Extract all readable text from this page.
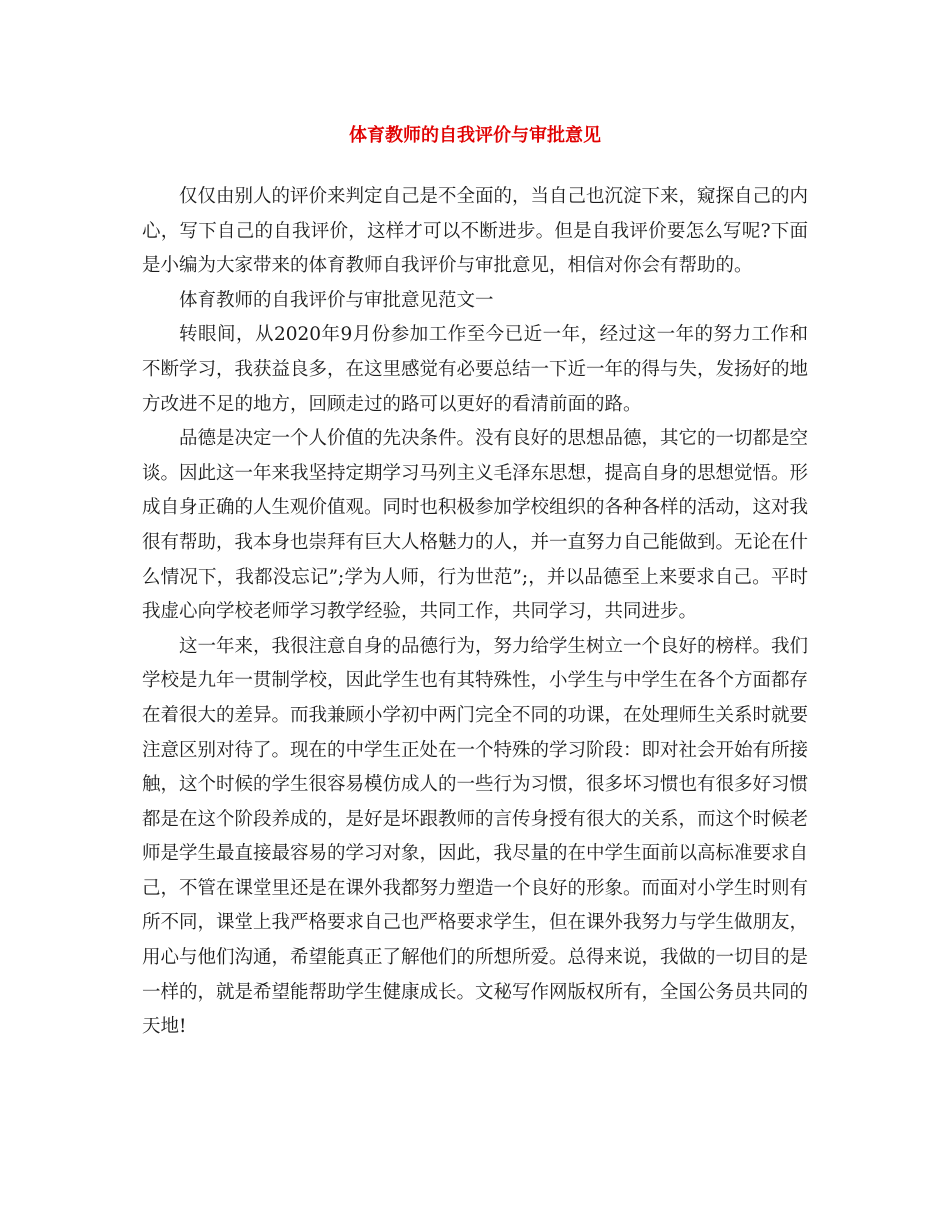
体育教师的自我评价与审批意见

仅仅由别人的评价来判定自己是不全面的，当自己也沉淀下来，窥探自己的内心，写下自己的自我评价，这样才可以不断进步。但是自我评价要怎么写呢?下面是小编为大家带来的体育教师自我评价与审批意见，相信对你会有帮助的。

体育教师的自我评价与审批意见范文一

转眼间，从2020年9月份参加工作至今已近一年，经过这一年的努力工作和不断学习，我获益良多，在这里感觉有必要总结一下近一年的得与失，发扬好的地方改进不足的地方，回顾走过的路可以更好的看清前面的路。

品德是决定一个人价值的先决条件。没有良好的思想品德，其它的一切都是空谈。因此这一年来我坚持定期学习马列主义毛泽东思想，提高自身的思想觉悟。形成自身正确的人生观价值观。同时也积极参加学校组织的各种各样的活动，这对我很有帮助，我本身也崇拜有巨大人格魅力的人，并一直努力自己能做到。无论在什么情况下，我都没忘记”;学为人师，行为世范”;，并以品德至上来要求自己。平时我虚心向学校老师学习教学经验，共同工作，共同学习，共同进步。

这一年来，我很注意自身的品德行为，努力给学生树立一个良好的榜样。我们学校是九年一贯制学校，因此学生也有其特殊性，小学生与中学生在各个方面都存在着很大的差异。而我兼顾小学初中两门完全不同的功课，在处理师生关系时就要注意区别对待了。现在的中学生正处在一个特殊的学习阶段：即对社会开始有所接触，这个时候的学生很容易模仿成人的一些行为习惯，很多坏习惯也有很多好习惯都是在这个阶段养成的，是好是坏跟教师的言传身授有很大的关系，而这个时候老师是学生最直接最容易的学习对象，因此，我尽量的在中学生面前以高标准要求自己，不管在课堂里还是在课外我都努力塑造一个良好的形象。而面对小学生时则有所不同，课堂上我严格要求自己也严格要求学生，但在课外我努力与学生做朋友，用心与他们沟通，希望能真正了解他们的所想所爱。总得来说，我做的一切目的是一样的，就是希望能帮助学生健康成长。文秘写作网版权所有，全国公务员共同的天地!
